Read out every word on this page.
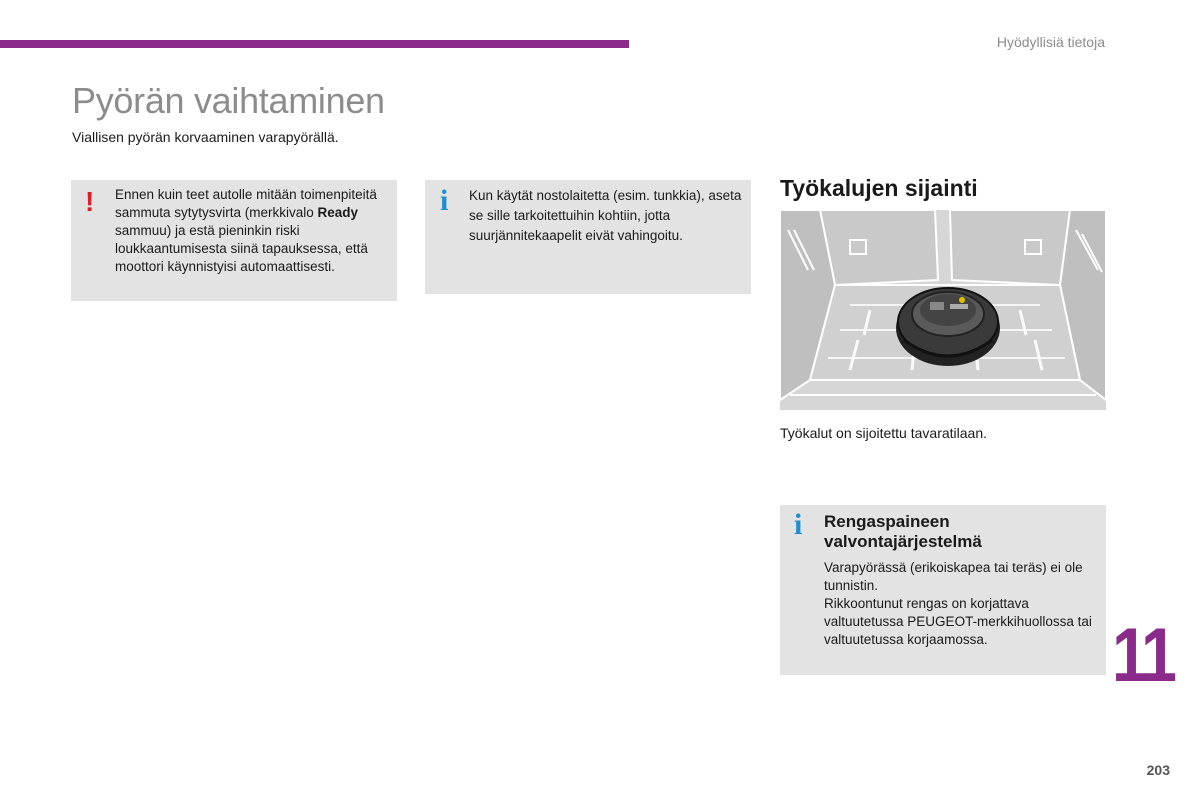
Hyödyllisiä tietoja
Pyörän vaihtaminen
Viallisen pyörän korvaaminen varapyörällä.
! Ennen kuin teet autolle mitään toimenpiteitä sammuta sytytysvirta (merkkivalo Ready sammuu) ja estä pieninkin riski loukkaantumisesta siinä tapauksessa, että moottori käynnistyisi automaattisesti.
i Kun käytät nostolaitetta (esim. tunkkia), aseta se sille tarkoitettuihin kohtiin, jotta suurjännitekaapelit eivät vahingoitu.
Työkalujen sijainti
Työkalut on sijoitettu tavaratilaan.
i Rengaspaineen valvontajärjestelmä
Varapyörässä (erikoiskapea tai teräs) ei ole tunnistin.
Rikkoontunut rengas on korjattava valtuutetussa PEUGEOT-merkkihuollossa tai valtuutetussa korjaamossa.	11
203
